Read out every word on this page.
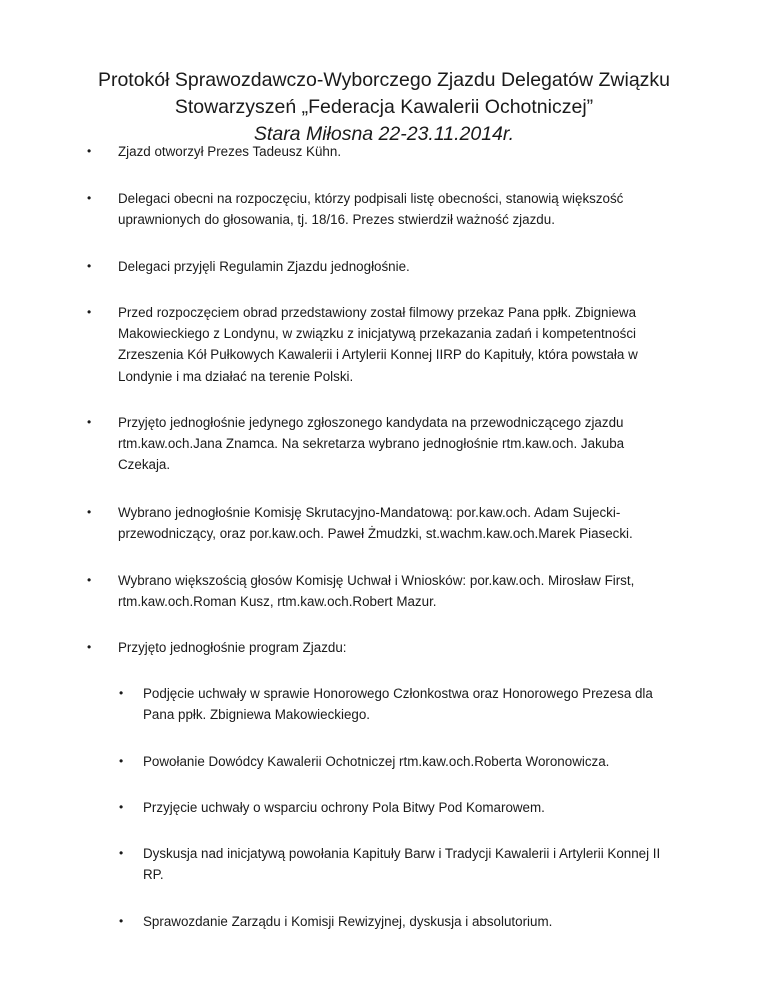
Protokół Sprawozdawczo-Wyborczego Zjazdu Delegatów Związku
Stowarzyszeń „Federacja Kawalerii Ochotniczej”
Stara Miłosna 22-23.11.2014r.
• Zjazd otworzył Prezes Tadeusz Kühn.
• Delegaci obecni na rozpoczęciu, którzy podpisali listę obecności, stanowią większość
uprawnionych do głosowania, tj. 18/16. Prezes stwierdził ważność zjazdu.
• Delegaci przyjęli Regulamin Zjazdu jednogłośnie.
• Przed rozpoczęciem obrad przedstawiony został filmowy przekaz Pana ppłk. Zbigniewa
Makowieckiego z Londynu, w związku z inicjatywą przekazania zadań i kompetentności
Zrzeszenia Kół Pułkowych Kawalerii i Artylerii Konnej IIRP do Kapituły, która powstała w
Londynie i ma działać na terenie Polski.
• Przyjęto jednogłośnie jedynego zgłoszonego kandydata na przewodniczącego zjazdu
rtm.kaw.och.Jana Znamca. Na sekretarza wybrano jednogłośnie rtm.kaw.och. Jakuba
Czekaja.
• Wybrano jednogłośnie Komisję Skrutacyjno-Mandatową: por.kaw.och. Adam Sujecki-
przewodniczący, oraz por.kaw.och. Paweł Żmudzki, st.wachm.kaw.och.Marek Piasecki.
• Wybrano większością głosów Komisję Uchwał i Wniosków: por.kaw.och. Mirosław First,
rtm.kaw.och.Roman Kusz, rtm.kaw.och.Robert Mazur.
• Przyjęto jednogłośnie program Zjazdu:
• Podjęcie uchwały w sprawie Honorowego Członkostwa oraz Honorowego Prezesa dla
Pana ppłk. Zbigniewa Makowieckiego.
• Powołanie Dowódcy Kawalerii Ochotniczej rtm.kaw.och.Roberta Woronowicza.
• Przyjęcie uchwały o wsparciu ochrony Pola Bitwy Pod Komarowem.
• Dyskusja nad inicjatywą powołania Kapituły Barw i Tradycji Kawalerii i Artylerii Konnej II
RP.
• Sprawozdanie Zarządu i Komisji Rewizyjnej, dyskusja i absolutorium.
